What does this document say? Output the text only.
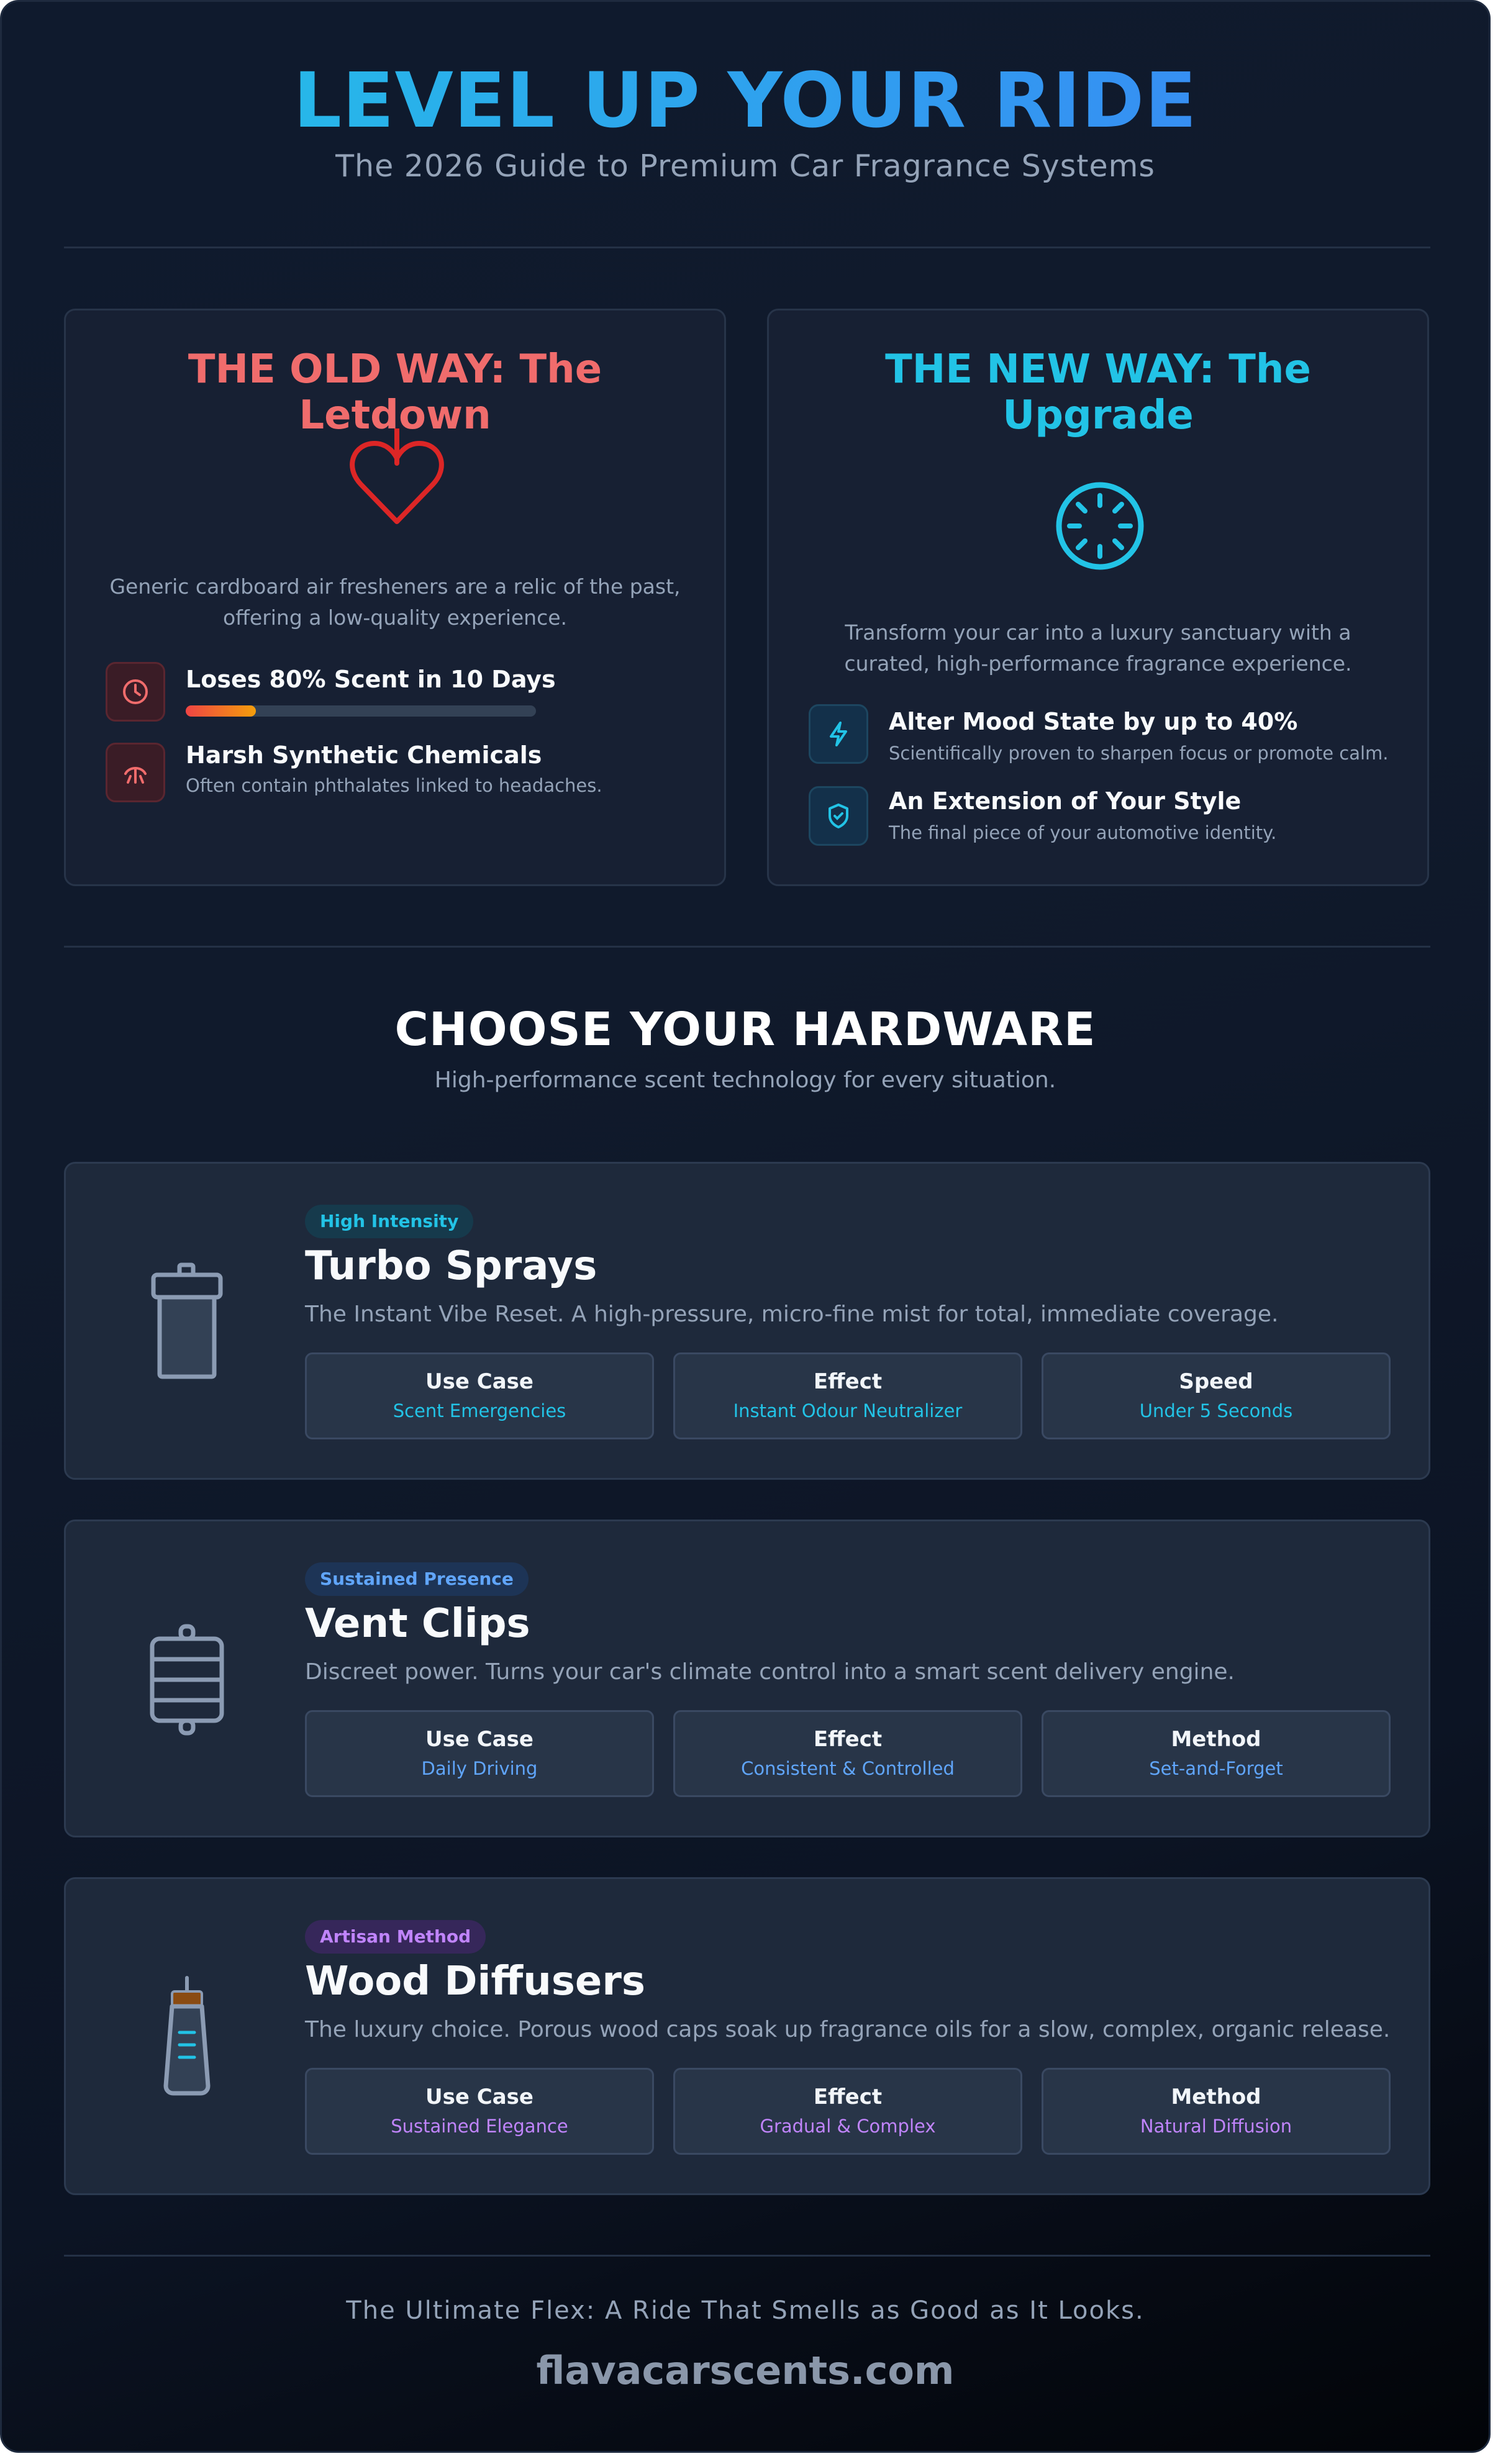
LEVEL UP YOUR RIDE
The 2026 Guide to Premium Car Fragrance Systems
THE OLD WAY: The Letdown
Generic cardboard air fresheners are a relic of the past, offering a low-quality experience.
Loses 80% Scent in 10 Days
Harsh Synthetic Chemicals
Often contain phthalates linked to headaches.
THE NEW WAY: The Upgrade
Transform your car into a luxury sanctuary with a curated, high-performance fragrance experience.
Alter Mood State by up to 40%
Scientifically proven to sharpen focus or promote calm.
An Extension of Your Style
The final piece of your automotive identity.
CHOOSE YOUR HARDWARE
High-performance scent technology for every situation.
High Intensity
Turbo Sprays
The Instant Vibe Reset. A high-pressure, micro-fine mist for total, immediate coverage.
Use Case
Scent Emergencies
Effect
Instant Odour Neutralizer
Speed
Under 5 Seconds
Sustained Presence
Vent Clips
Discreet power. Turns your car's climate control into a smart scent delivery engine.
Use Case
Daily Driving
Effect
Consistent & Controlled
Method
Set-and-Forget
Artisan Method
Wood Diffusers
The luxury choice. Porous wood caps soak up fragrance oils for a slow, complex, organic release.
Use Case
Sustained Elegance
Effect
Gradual & Complex
Method
Natural Diffusion
The Ultimate Flex: A Ride That Smells as Good as It Looks.
flavacarscents.com
